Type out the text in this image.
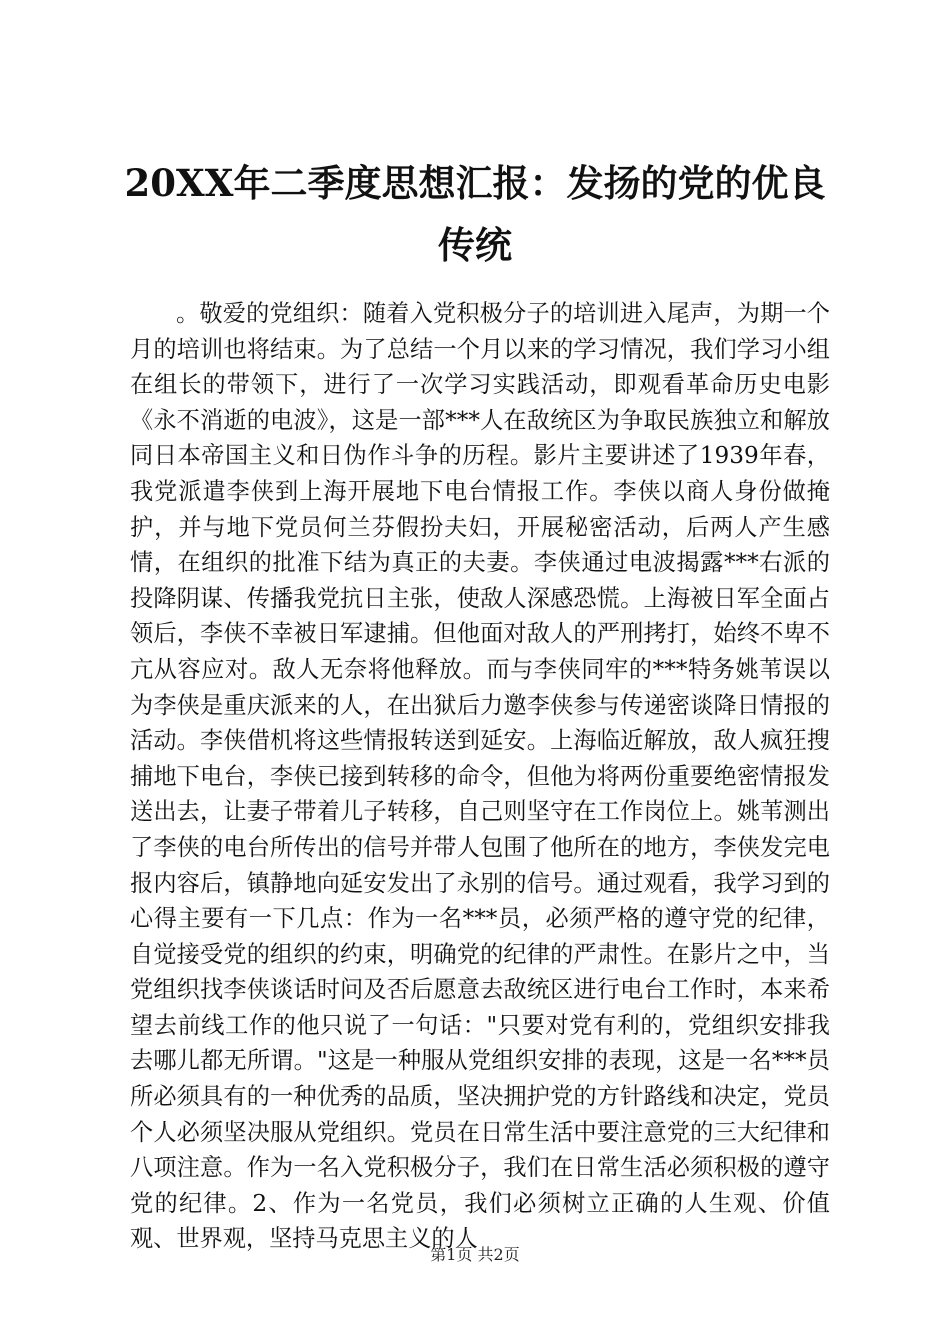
20XX年二季度思想汇报：发扬的党的优良传统

。敬爱的党组织：随着入党积极分子的培训进入尾声，为期一个月的培训也将结束。为了总结一个月以来的学习情况，我们学习小组在组长的带领下，进行了一次学习实践活动，即观看革命历史电影《永不消逝的电波》，这是一部***人在敌统区为争取民族独立和解放同日本帝国主义和日伪作斗争的历程。影片主要讲述了1939年春，我党派遣李侠到上海开展地下电台情报工作。李侠以商人身份做掩护，并与地下党员何兰芬假扮夫妇，开展秘密活动，后两人产生感情，在组织的批准下结为真正的夫妻。李侠通过电波揭露***右派的投降阴谋、传播我党抗日主张，使敌人深感恐慌。上海被日军全面占领后，李侠不幸被日军逮捕。但他面对敌人的严刑拷打，始终不卑不亢从容应对。敌人无奈将他释放。而与李侠同牢的***特务姚苇误以为李侠是重庆派来的人，在出狱后力邀李侠参与传递密谈降日情报的活动。李侠借机将这些情报转送到延安。上海临近解放，敌人疯狂搜捕地下电台，李侠已接到转移的命令，但他为将两份重要绝密情报发送出去，让妻子带着儿子转移，自己则坚守在工作岗位上。姚苇测出了李侠的电台所传出的信号并带人包围了他所在的地方，李侠发完电报内容后，镇静地向延安发出了永别的信号。通过观看，我学习到的心得主要有一下几点：作为一名***员，必须严格的遵守党的纪律，自觉接受党的组织的约束，明确党的纪律的严肃性。在影片之中，当党组织找李侠谈话时问及否后愿意去敌统区进行电台工作时，本来希望去前线工作的他只说了一句话："只要对党有利的，党组织安排我去哪儿都无所谓。"这是一种服从党组织安排的表现，这是一名***员所必须具有的一种优秀的品质，坚决拥护党的方针路线和决定，党员个人必须坚决服从党组织。党员在日常生活中要注意党的三大纪律和八项注意。作为一名入党积极分子，我们在日常生活必须积极的遵守党的纪律。2、作为一名党员，我们必须树立正确的人生观、价值观、世界观，坚持马克思主义的人

第1页 共2页
